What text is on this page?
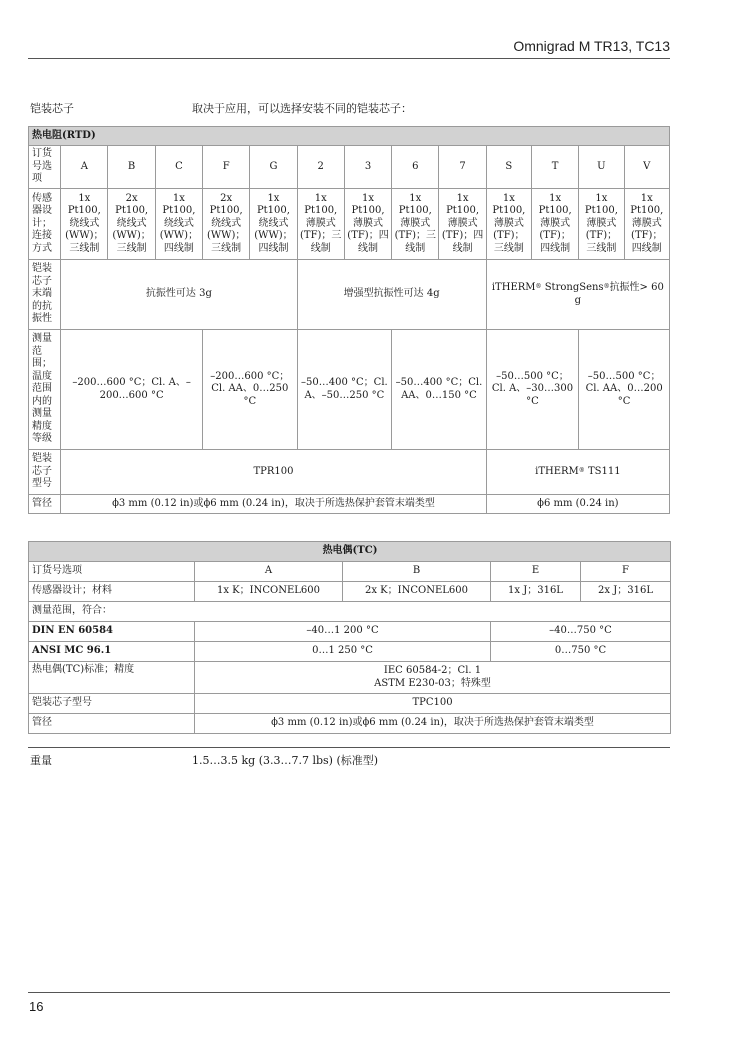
Omnigrad M TR13, TC13
铠装芯子	取决于应用，可以选择安装不同的铠装芯子：
热电阻(RTD)													
订货号选项	A	B	C	F	G	2	3	6	7	S	T	U	V
传感器设计；连接方式	1x Pt100, 绕线式 (WW)； 三线制	2x Pt100, 绕线式 (WW)； 三线制	1x Pt100, 绕线式 (WW)； 四线制	2x Pt100, 绕线式 (WW)； 三线制	1x Pt100, 绕线式 (WW)； 四线制	1x Pt100, 薄膜式 (TF)；三 线制	1x Pt100, 薄膜式 (TF)；四 线制	1x Pt100, 薄膜式 (TF)；三 线制	1x Pt100, 薄膜式 (TF)；四 线制	1x Pt100, 薄膜式 (TF)； 三线制	1x Pt100, 薄膜式 (TF)； 四线制	1x Pt100, 薄膜式 (TF)； 三线制	1x Pt100, 薄膜式 (TF)； 四线制
铠装芯子末端的抗振性	抗振性可达 3g					增强型抗振性可达 4g				iTHERM® StrongSens®抗振性> 60 g			
测量范围；温度范围内的测量精度等级	–200…600 °C；Cl. A、–200…600 °C			–200…600 °C；Cl. AA、0…250 °C		–50…400 °C；Cl. A、–50…250 °C		–50…400 °C；Cl. AA、0…150 °C		–50…500 °C； Cl. A、–30…300 °C		–50…500 °C； Cl. AA、0…200 °C	
铠装芯子型号	TPR100									iTHERM® TS111			
管径	ϕ3 mm (0.12 in)或ϕ6 mm (0.24 in)，取决于所选热保护套管末端类型									ϕ6 mm (0.24 in)			
热电偶(TC)				
订货号选项	A	B	E	F
传感器设计；材料	1x K；INCONEL600	2x K；INCONEL600	1x J；316L	2x J；316L
测量范围，符合：				
DIN EN 60584	–40…1 200 °C		–40…750 °C	
ANSI MC 96.1	0…1 250 °C		0…750 °C	
热电偶(TC)标准；精度	IEC 60584-2；Cl. 1
ASTM E230-03；特殊型			

铠装芯子型号	TPC100			
管径	ϕ3 mm (0.12 in)或ϕ6 mm (0.24 in)，取决于所选热保护套管末端类型			
重量	1.5…3.5 kg (3.3…7.7 lbs) (标准型)
16
